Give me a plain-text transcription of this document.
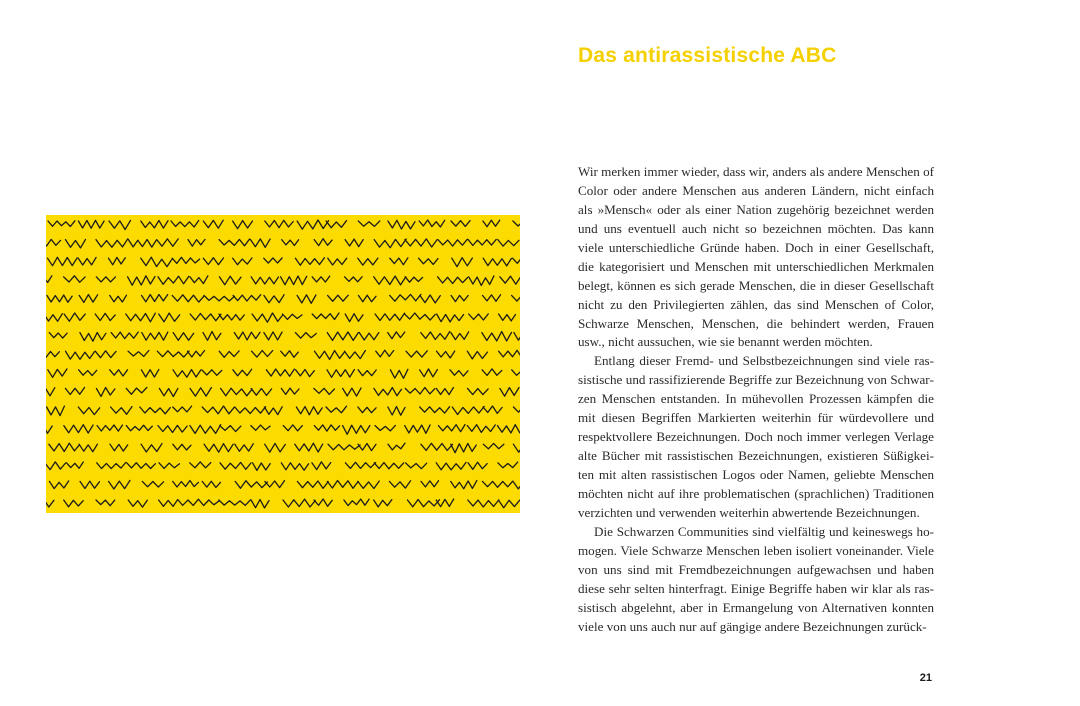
Das antirassistische ABC

Wir merken immer wieder, dass wir, anders als andere Menschen of Color oder andere Menschen aus anderen Ländern, nicht einfach als »Mensch« oder als einer Nation zugehörig bezeichnet werden und uns eventuell auch nicht so bezeichnen möchten. Das kann viele unterschiedliche Gründe haben. Doch in einer Gesellschaft, die kategorisiert und Menschen mit unterschiedlichen Merkmalen belegt, können es sich gerade Menschen, die in dieser Gesellschaft nicht zu den Privilegierten zählen, das sind Menschen of Color, Schwarze Menschen, Menschen, die behindert werden, Frauen usw., nicht aussuchen, wie sie benannt werden möchten.

Entlang dieser Fremd- und Selbstbezeichnungen sind viele rassistische und rassifizierende Begriffe zur Bezeichnung von Schwarzen Menschen entstanden. In mühevollen Prozessen kämpfen die mit diesen Begriffen Markierten weiterhin für würdevollere und respektvollere Bezeichnungen. Doch noch immer verlegen Verlage alte Bücher mit rassistischen Bezeichnungen, existieren Süßigkeiten mit alten rassistischen Logos oder Namen, geliebte Menschen möchten nicht auf ihre problematischen (sprachlichen) Traditionen verzichten und verwenden weiterhin abwertende Bezeichnungen.

Die Schwarzen Communities sind vielfältig und keineswegs homogen. Viele Schwarze Menschen leben isoliert voneinander. Viele von uns sind mit Fremdbezeichnungen aufgewachsen und haben diese sehr selten hinterfragt. Einige Begriffe haben wir klar als rassistisch abgelehnt, aber in Ermangelung von Alternativen konnten viele von uns auch nur auf gängige andere Bezeichnungen zurück-

21
